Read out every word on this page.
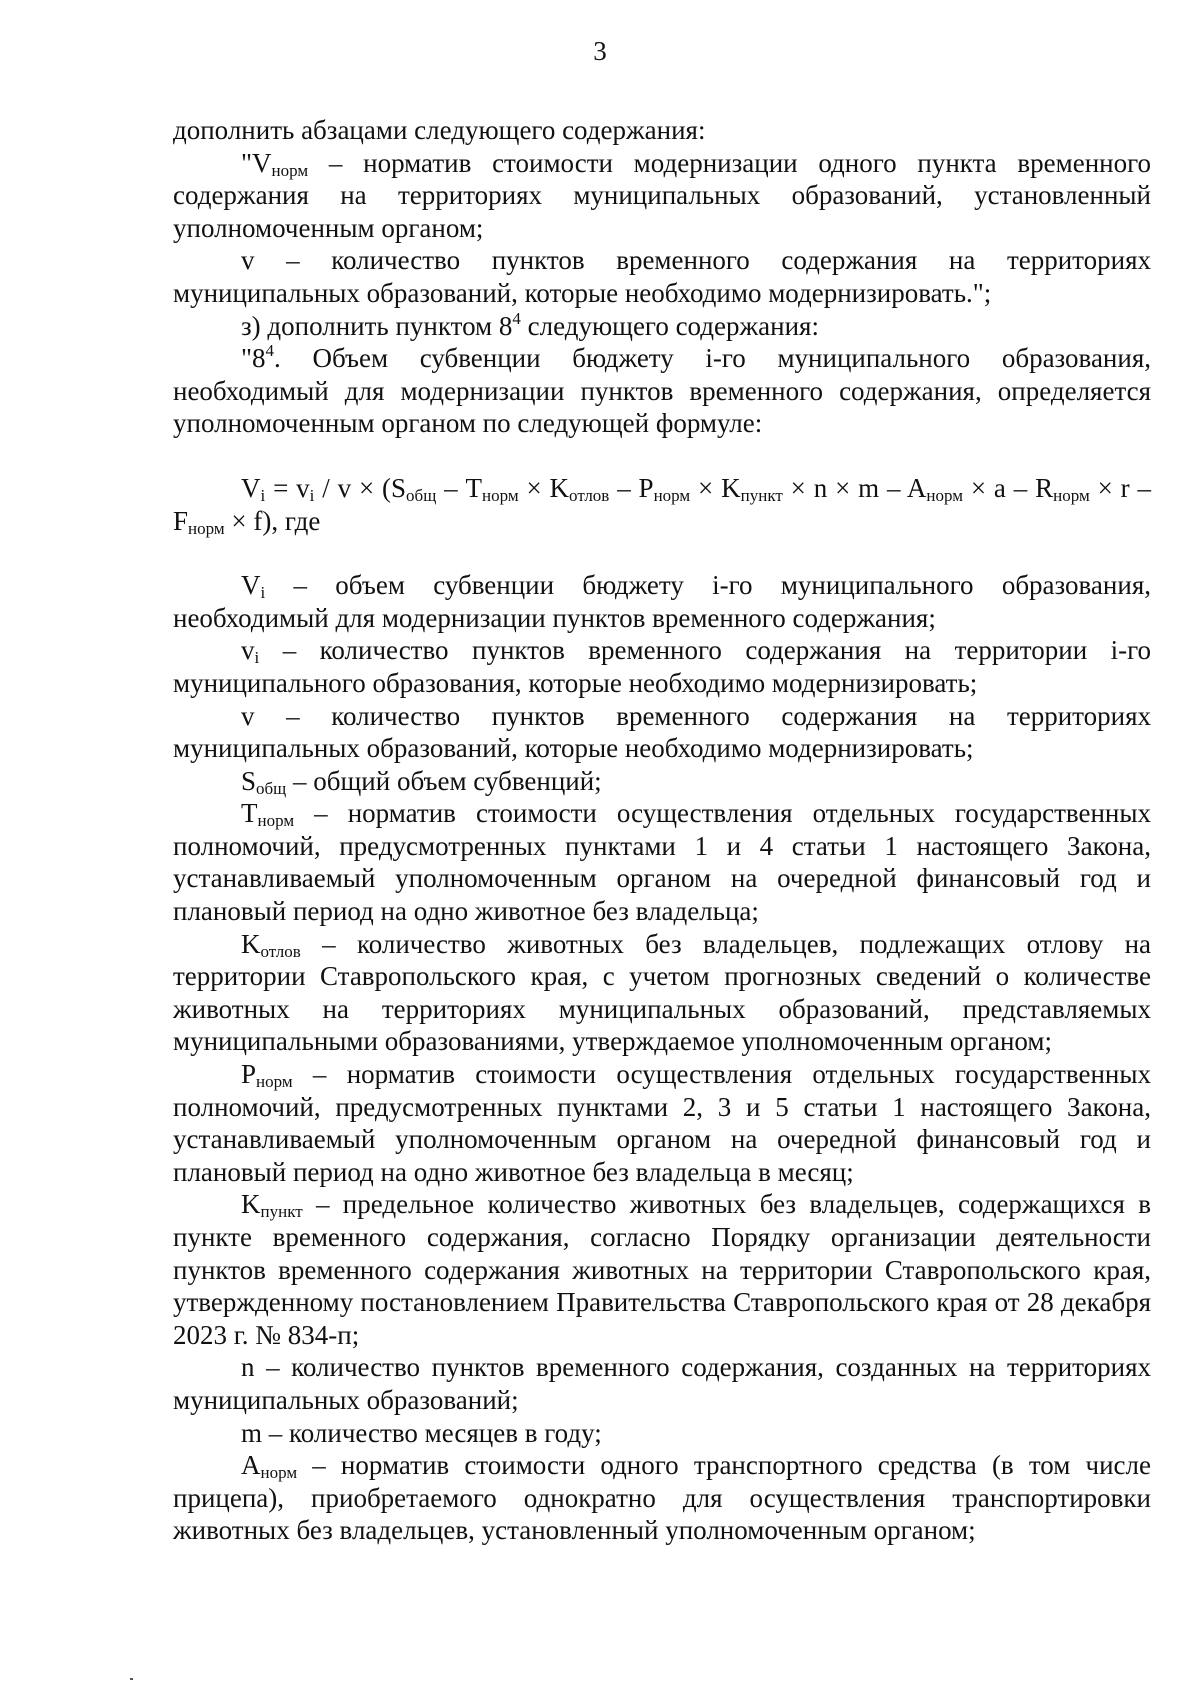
3

дополнить абзацами следующего содержания:

"$V_{норм}$ – норматив стоимости модернизации одного пункта временного содержания на территориях муниципальных образований, установленный уполномоченным органом;

v – количество пунктов временного содержания на территориях муниципальных образований, которые необходимо модернизировать.";

з) дополнить пунктом $8^4$ следующего содержания:

"$8^4$. Объем субвенции бюджету i-го муниципального образования, необходимый для модернизации пунктов временного содержания, определяется уполномоченным органом по следующей формуле:

$V_i = v_i / v \times (S_{общ} - T_{норм} \times K_{отлов} - P_{норм} \times K_{пункт} \times n \times m - A_{норм} \times a - R_{норм} \times r - F_{норм} \times f)$, где

$V_i$ – объем субвенции бюджету i-го муниципального образования, необходимый для модернизации пунктов временного содержания;

$v_i$ – количество пунктов временного содержания на территории i-го муниципального образования, которые необходимо модернизировать;

v – количество пунктов временного содержания на территориях муниципальных образований, которые необходимо модернизировать;

$S_{общ}$ – общий объем субвенций;

$T_{норм}$ – норматив стоимости осуществления отдельных государственных полномочий, предусмотренных пунктами 1 и 4 статьи 1 настоящего Закона, устанавливаемый уполномоченным органом на очередной финансовый год и плановый период на одно животное без владельца;

$K_{отлов}$ – количество животных без владельцев, подлежащих отлову на территории Ставропольского края, с учетом прогнозных сведений о количестве животных на территориях муниципальных образований, представляемых муниципальными образованиями, утверждаемое уполномоченным органом;

$P_{норм}$ – норматив стоимости осуществления отдельных государственных полномочий, предусмотренных пунктами 2, 3 и 5 статьи 1 настоящего Закона, устанавливаемый уполномоченным органом на очередной финансовый год и плановый период на одно животное без владельца в месяц;

$K_{пункт}$ – предельное количество животных без владельцев, содержащихся в пункте временного содержания, согласно Порядку организации деятельности пунктов временного содержания животных на территории Ставропольского края, утвержденному постановлением Правительства Ставропольского края от 28 декабря 2023 г. № 834-п;

n – количество пунктов временного содержания, созданных на территориях муниципальных образований;

m – количество месяцев в году;

$A_{норм}$ – норматив стоимости одного транспортного средства (в том числе прицепа), приобретаемого однократно для осуществления транспортировки животных без владельцев, установленный уполномоченным органом;
